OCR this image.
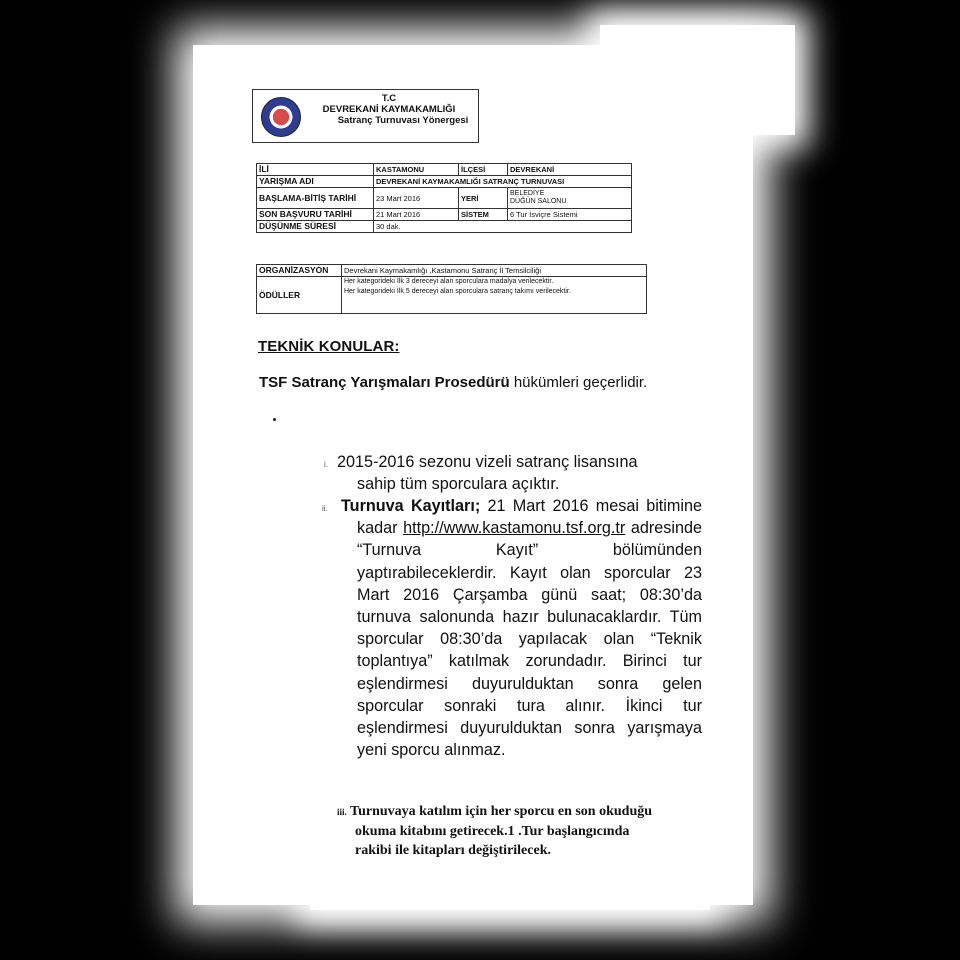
T.C
DEVREKANİ KAYMAKAMLIĞI
Satranç Turnuvası Yönergesi
İLİ	KASTAMONU	İLÇESİ	DEVREKANİ
YARIŞMA ADI	DEVREKANİ KAYMAKAMLIĞI SATRANÇ TURNUVASI		
BAŞLAMA-BİTİŞ TARİHİ	23 Mart 2016	YERİ	BELEDİYE
DÜĞÜN SALONU

SON BAŞVURU TARİHİ	21 Mart 2016	SİSTEM	6 Tur İsviçre Sistemi
DÜŞÜNME SÜRESİ	30 dak.		
ORGANİZASYON	Devrekani Kaymakamlığı ,Kastamonu Satranç İl Temsilciliği
ÖDÜLLER	Her kategorideki İlk 3 dereceyi alan sporculara madalya verilecektir.
Her kategorideki İlk 5 dereceyi alan sporculara satranç takımı verilecektir.
TEKNİK KONULAR:
TSF Satranç Yarışmaları Prosedürü hükümleri geçerlidir.
i. 2015-2016 sezonu vizeli satranç lisansına
sahip tüm sporculara açıktır.
ii. Turnuva Kayıtları; 21 Mart 2016 mesai bitimine kadar http://www.kastamonu.tsf.org.tr adresinde “Turnuva Kayıt” bölümünden yaptırabileceklerdir. Kayıt olan sporcular 23 Mart 2016 Çarşamba günü saat; 08:30’da turnuva salonunda hazır bulunacaklardır. Tüm sporcular 08:30’da yapılacak olan “Teknik toplantıya” katılmak zorundadır. Birinci tur eşlendirmesi duyurulduktan sonra gelen sporcular sonraki tura alınır. İkinci tur eşlendirmesi duyurulduktan sonra yarışmaya yeni sporcu alınmaz.
iii. Turnuvaya katılım için her sporcu en son okuduğu
okuma kitabını getirecek.1 .Tur başlangıcında
rakibi ile kitapları değiştirilecek.
